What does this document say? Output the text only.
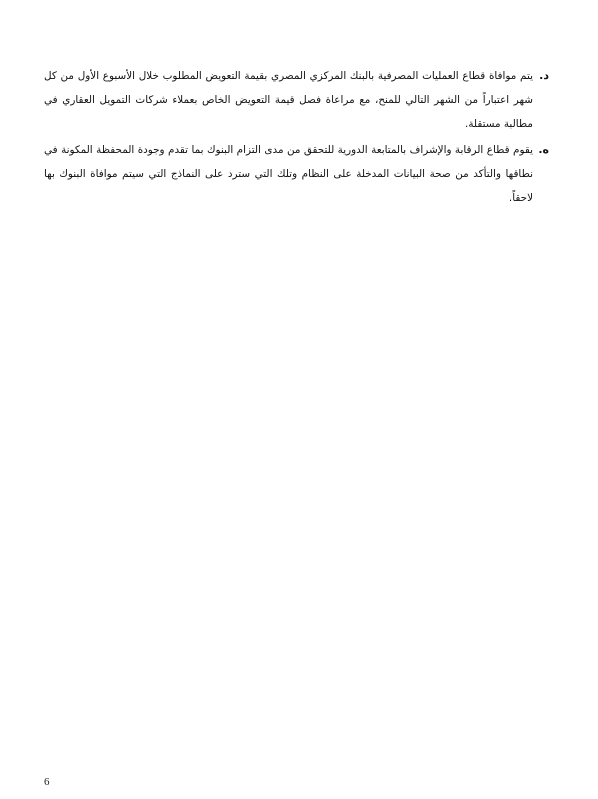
د.
يتم موافاة قطاع العمليات المصرفية بالبنك المركزي المصري بقيمة التعويض المطلوب خلال الأسبوع الأول من كل شهر اعتباراً من الشهر التالي للمنح، مع مراعاة فصل قيمة التعويض الخاص بعملاء شركات التمويل العقاري في مطالبة مستقلة.
ه.
يقوم قطاع الرقابة والإشراف بالمتابعة الدورية للتحقق من مدى التزام البنوك بما تقدم وجودة المحفظة المكونة في نطاقها والتأكد من صحة البيانات المدخلة على النظام وتلك التي سترد على النماذج التي سيتم موافاة البنوك بها لاحقاً.
6
